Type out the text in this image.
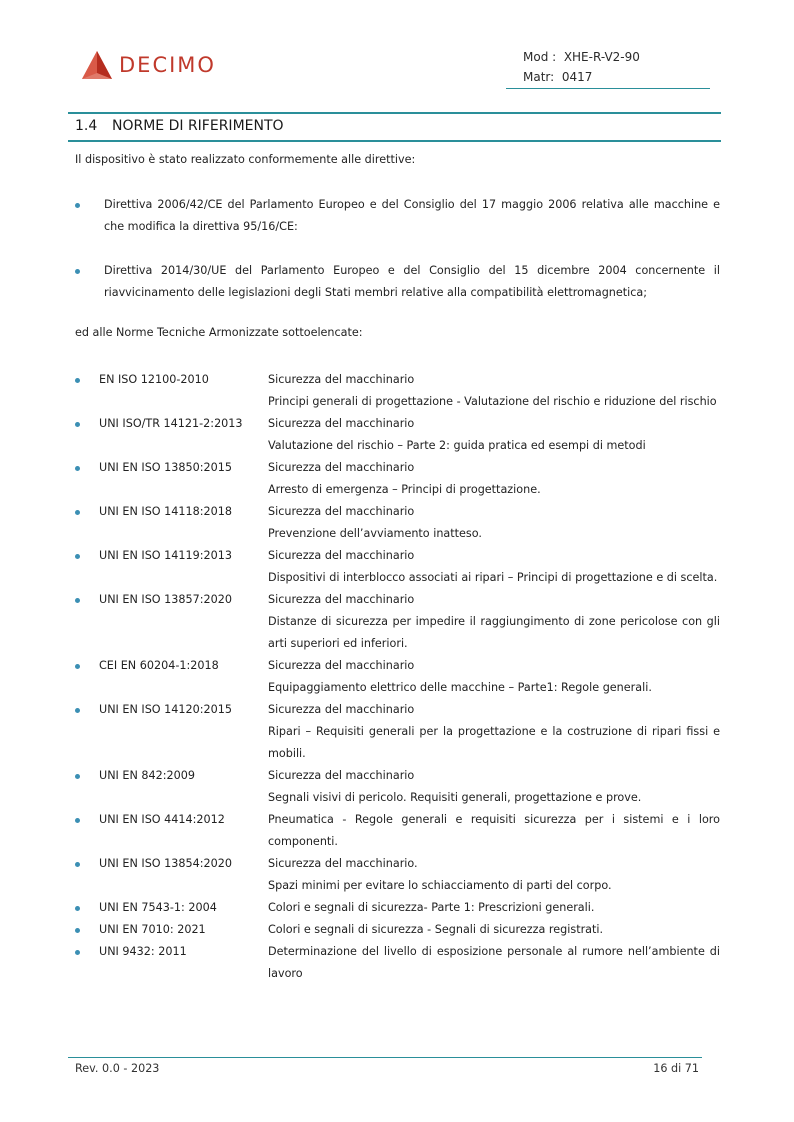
DECIMO	Mod : XHE-R-V2-90
Matr: 0417
1.4 NORME DI RIFERIMENTO
Il dispositivo è stato realizzato conformemente alle direttive:
Direttiva 2006/42/CE del Parlamento Europeo e del Consiglio del 17 maggio 2006 relativa alle macchine e che modifica la direttiva 95/16/CE:
Direttiva 2014/30/UE del Parlamento Europeo e del Consiglio del 15 dicembre 2004 concernente il riavvicinamento delle legislazioni degli Stati membri relative alla compatibilità elettromagnetica;
ed alle Norme Tecniche Armonizzate sottoelencate:
EN ISO 12100-2010	Sicurezza del macchinario
Principi generali di progettazione - Valutazione del rischio e riduzione del rischio
UNI ISO/TR 14121-2:2013 Sicurezza del macchinario
Valutazione del rischio – Parte 2: guida pratica ed esempi di metodi
UNI EN ISO 13850:2015	Sicurezza del macchinario
Arresto di emergenza – Principi di progettazione.
UNI EN ISO 14118:2018	Sicurezza del macchinario
Prevenzione dell’avviamento inatteso.
UNI EN ISO 14119:2013	Sicurezza del macchinario
Dispositivi di interblocco associati ai ripari – Principi di progettazione e di scelta.
UNI EN ISO 13857:2020	Sicurezza del macchinario
Distanze di sicurezza per impedire il raggiungimento di zone pericolose con gli arti superiori ed inferiori.
CEI EN 60204-1:2018	Sicurezza del macchinario
Equipaggiamento elettrico delle macchine – Parte1: Regole generali.
UNI EN ISO 14120:2015	Sicurezza del macchinario
Ripari – Requisiti generali per la progettazione e la costruzione di ripari fissi e mobili.
UNI EN 842:2009	Sicurezza del macchinario
Segnali visivi di pericolo. Requisiti generali, progettazione e prove.
UNI EN ISO 4414:2012	Pneumatica - Regole generali e requisiti sicurezza per i sistemi e i loro componenti.
UNI EN ISO 13854:2020	Sicurezza del macchinario.
Spazi minimi per evitare lo schiacciamento di parti del corpo.
UNI EN 7543-1: 2004	Colori e segnali di sicurezza- Parte 1: Prescrizioni generali.
UNI EN 7010: 2021	Colori e segnali di sicurezza - Segnali di sicurezza registrati.
UNI 9432: 2011	Determinazione del livello di esposizione personale al rumore nell’ambiente di lavoro
Rev. 0.0 - 2023	16 di 71
